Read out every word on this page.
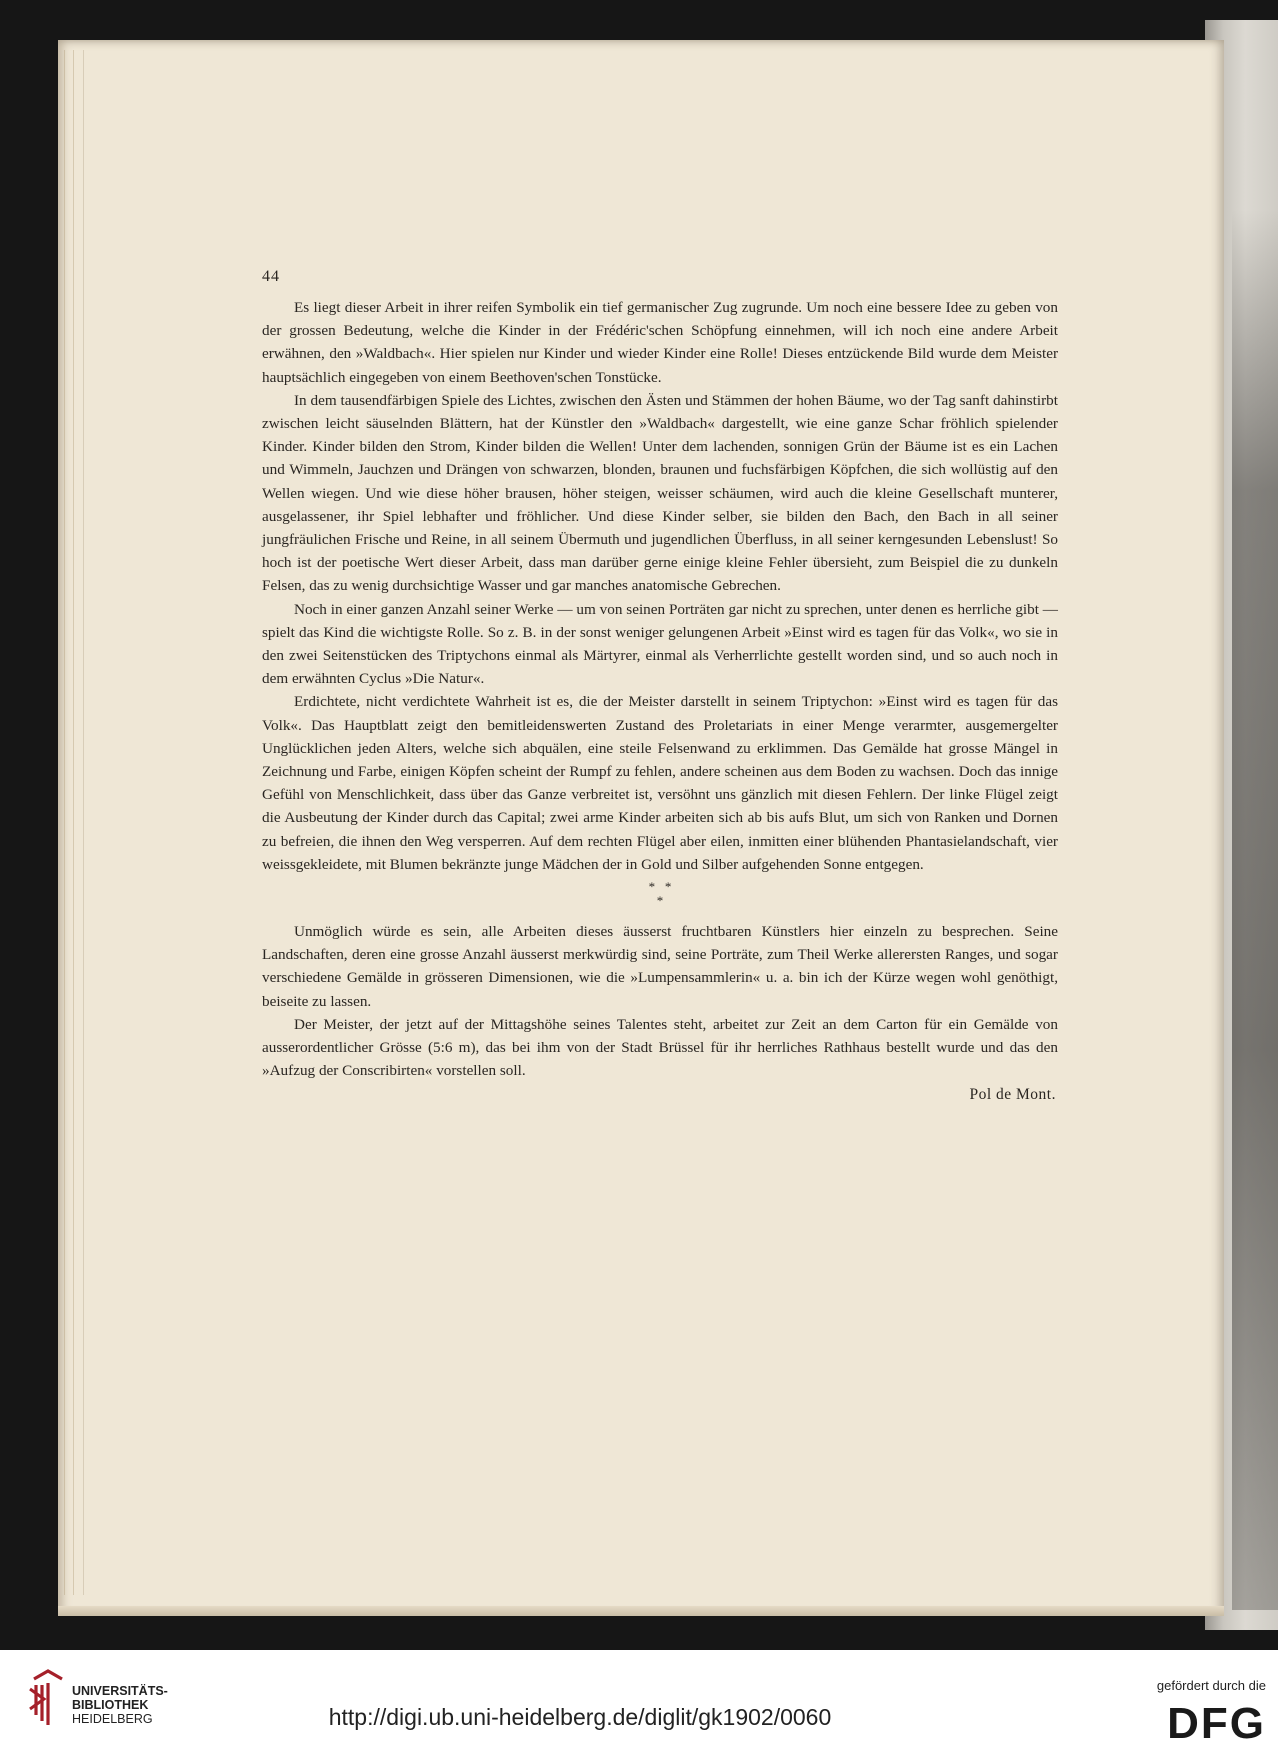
44

Es liegt dieser Arbeit in ihrer reifen Symbolik ein tief germanischer Zug zugrunde. Um noch eine bessere Idee zu geben von der grossen Bedeutung, welche die Kinder in der Frédéric'schen Schöpfung einnehmen, will ich noch eine andere Arbeit erwähnen, den »Waldbach«. Hier spielen nur Kinder und wieder Kinder eine Rolle! Dieses entzückende Bild wurde dem Meister hauptsächlich eingegeben von einem Beethoven'schen Tonstücke.

In dem tausendfärbigen Spiele des Lichtes, zwischen den Ästen und Stämmen der hohen Bäume, wo der Tag sanft dahinstirbt zwischen leicht säuselnden Blättern, hat der Künstler den »Waldbach« dargestellt, wie eine ganze Schar fröhlich spielender Kinder. Kinder bilden den Strom, Kinder bilden die Wellen! Unter dem lachenden, sonnigen Grün der Bäume ist es ein Lachen und Wimmeln, Jauchzen und Drängen von schwarzen, blonden, braunen und fuchsfärbigen Köpfchen, die sich wollüstig auf den Wellen wiegen. Und wie diese höher brausen, höher steigen, weisser schäumen, wird auch die kleine Gesellschaft munterer, ausgelassener, ihr Spiel lebhafter und fröhlicher. Und diese Kinder selber, sie bilden den Bach, den Bach in all seiner jungfräulichen Frische und Reine, in all seinem Übermuth und jugendlichen Überfluss, in all seiner kerngesunden Lebenslust! So hoch ist der poetische Wert dieser Arbeit, dass man darüber gerne einige kleine Fehler übersieht, zum Beispiel die zu dunkeln Felsen, das zu wenig durchsichtige Wasser und gar manches anatomische Gebrechen.

Noch in einer ganzen Anzahl seiner Werke — um von seinen Porträten gar nicht zu sprechen, unter denen es herrliche gibt — spielt das Kind die wichtigste Rolle. So z. B. in der sonst weniger gelungenen Arbeit »Einst wird es tagen für das Volk«, wo sie in den zwei Seitenstücken des Triptychons einmal als Märtyrer, einmal als Verherrlichte gestellt worden sind, und so auch noch in dem erwähnten Cyclus »Die Natur«.

Erdichtete, nicht verdichtete Wahrheit ist es, die der Meister darstellt in seinem Triptychon: »Einst wird es tagen für das Volk«. Das Hauptblatt zeigt den bemitleidenswerten Zustand des Proletariats in einer Menge verarmter, ausgemergelter Unglücklichen jeden Alters, welche sich abquälen, eine steile Felsenwand zu erklimmen. Das Gemälde hat grosse Mängel in Zeichnung und Farbe, einigen Köpfen scheint der Rumpf zu fehlen, andere scheinen aus dem Boden zu wachsen. Doch das innige Gefühl von Menschlichkeit, dass über das Ganze verbreitet ist, versöhnt uns gänzlich mit diesen Fehlern. Der linke Flügel zeigt die Ausbeutung der Kinder durch das Capital; zwei arme Kinder arbeiten sich ab bis aufs Blut, um sich von Ranken und Dornen zu befreien, die ihnen den Weg versperren. Auf dem rechten Flügel aber eilen, inmitten einer blühenden Phantasielandschaft, vier weissgekleidete, mit Blumen bekränzte junge Mädchen der in Gold und Silber aufgehenden Sonne entgegen.

*   *
*

Unmöglich würde es sein, alle Arbeiten dieses äusserst fruchtbaren Künstlers hier einzeln zu besprechen. Seine Landschaften, deren eine grosse Anzahl äusserst merkwürdig sind, seine Porträte, zum Theil Werke allerersten Ranges, und sogar verschiedene Gemälde in grösseren Dimensionen, wie die »Lumpensammlerin« u. a. bin ich der Kürze wegen wohl genöthigt, beiseite zu lassen.

Der Meister, der jetzt auf der Mittagshöhe seines Talentes steht, arbeitet zur Zeit an dem Carton für ein Gemälde von ausserordentlicher Grösse (5:6 m), das bei ihm von der Stadt Brüssel für ihr herrliches Rathhaus bestellt wurde und das den »Aufzug der Conscribirten« vorstellen soll.

Pol de Mont.
UNIVERSITÄTS-
BIBLIOTHEK
HEIDELBERG	http://digi.ub.uni-heidelberg.de/diglit/gk1902/0060
gefördert durch die
DFG
